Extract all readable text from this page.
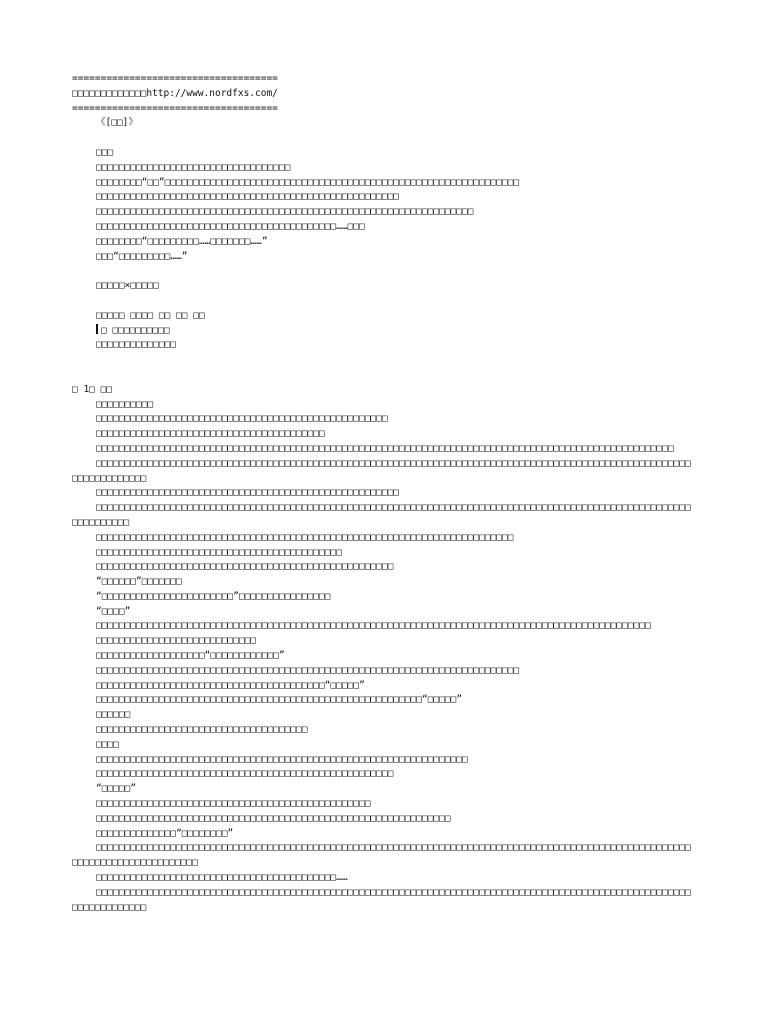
====================================
□□□□□□□□□□□□□http://www.nordfxs.com/
====================================
《[□□]》
□□□
□□□□□□□□□□□□□□□□□□□□□□□□□□□□□□□□□□
□□□□□□□□“□□”□□□□□□□□□□□□□□□□□□□□□□□□□□□□□□□□□□□□□□□□□□□□□□□□□□□□□□□□□□□□□□
□□□□□□□□□□□□□□□□□□□□□□□□□□□□□□□□□□□□□□□□□□□□□□□□□□□□□
□□□□□□□□□□□□□□□□□□□□□□□□□□□□□□□□□□□□□□□□□□□□□□□□□□□□□□□□□□□□□□□□□□
□□□□□□□□□□□□□□□□□□□□□□□□□□□□□□□□□□□□□□□□□□……□□□
□□□□□□□□“□□□□□□□□□……□□□□□□□……”
□□□“□□□□□□□□□……”
□□□□□×□□□□□
□□□□□ □□□□ □□ □□ □□
□ □□□□□□□□□□
□□□□□□□□□□□□□□
□ 1□ □□
□□□□□□□□□□
□□□□□□□□□□□□□□□□□□□□□□□□□□□□□□□□□□□□□□□□□□□□□□□□□□□
□□□□□□□□□□□□□□□□□□□□□□□□□□□□□□□□□□□□□□□□
□□□□□□□□□□□□□□□□□□□□□□□□□□□□□□□□□□□□□□□□□□□□□□□□□□□□□□□□□□□□□□□□□□□□□□□□□□□□□□□□□□□□□□□□□□□□□□□□□□□□□
□□□□□□□□□□□□□□□□□□□□□□□□□□□□□□□□□□□□□□□□□□□□□□□□□□□□□□□□□□□□□□□□□□□□□□□□□□□□□□□□□□□□□□□□□□□□□□□□□□□□□□□□□□□□□□□□□□□□□
□□□□□□□□□□□□□□□□□□□□□□□□□□□□□□□□□□□□□□□□□□□□□□□□□□□□□
□□□□□□□□□□□□□□□□□□□□□□□□□□□□□□□□□□□□□□□□□□□□□□□□□□□□□□□□□□□□□□□□□□□□□□□□□□□□□□□□□□□□□□□□□□□□□□□□□□□□□□□□□□□□□□□□□□
□□□□□□□□□□□□□□□□□□□□□□□□□□□□□□□□□□□□□□□□□□□□□□□□□□□□□□□□□□□□□□□□□□□□□□□□□
□□□□□□□□□□□□□□□□□□□□□□□□□□□□□□□□□□□□□□□□□□□
□□□□□□□□□□□□□□□□□□□□□□□□□□□□□□□□□□□□□□□□□□□□□□□□□□□□
“□□□□□□”□□□□□□□
“□□□□□□□□□□□□□□□□□□□□□□□”□□□□□□□□□□□□□□□□
“□□□□”
□□□□□□□□□□□□□□□□□□□□□□□□□□□□□□□□□□□□□□□□□□□□□□□□□□□□□□□□□□□□□□□□□□□□□□□□□□□□□□□□□□□□□□□□□□□□□□□□□
□□□□□□□□□□□□□□□□□□□□□□□□□□□□
□□□□□□□□□□□□□□□□□□□“□□□□□□□□□□□□”
□□□□□□□□□□□□□□□□□□□□□□□□□□□□□□□□□□□□□□□□□□□□□□□□□□□□□□□□□□□□□□□□□□□□□□□□□□
□□□□□□□□□□□□□□□□□□□□□□□□□□□□□□□□□□□□□□□□“□□□□□”
□□□□□□□□□□□□□□□□□□□□□□□□□□□□□□□□□□□□□□□□□□□□□□□□□□□□□□□□□“□□□□□”
□□□□□□
□□□□□□□□□□□□□□□□□□□□□□□□□□□□□□□□□□□□□
□□□□
□□□□□□□□□□□□□□□□□□□□□□□□□□□□□□□□□□□□□□□□□□□□□□□□□□□□□□□□□□□□□□□□□
□□□□□□□□□□□□□□□□□□□□□□□□□□□□□□□□□□□□□□□□□□□□□□□□□□□□
“□□□□□”
□□□□□□□□□□□□□□□□□□□□□□□□□□□□□□□□□□□□□□□□□□□□□□□□
□□□□□□□□□□□□□□□□□□□□□□□□□□□□□□□□□□□□□□□□□□□□□□□□□□□□□□□□□□□□□□
□□□□□□□□□□□□□□“□□□□□□□□”
□□□□□□□□□□□□□□□□□□□□□□□□□□□□□□□□□□□□□□□□□□□□□□□□□□□□□□□□□□□□□□□□□□□□□□□□□□□□□□□□□□□□□□□□□□□□□□□□□□□□□□□□□□□□□□□□□□□□□□□□□□□□□□
□□□□□□□□□□□□□□□□□□□□□□□□□□□□□□□□□□□□□□□□□□……
□□□□□□□□□□□□□□□□□□□□□□□□□□□□□□□□□□□□□□□□□□□□□□□□□□□□□□□□□□□□□□□□□□□□□□□□□□□□□□□□□□□□□□□□□□□□□□□□□□□□□□□□□□□□□□□□□□□□□
